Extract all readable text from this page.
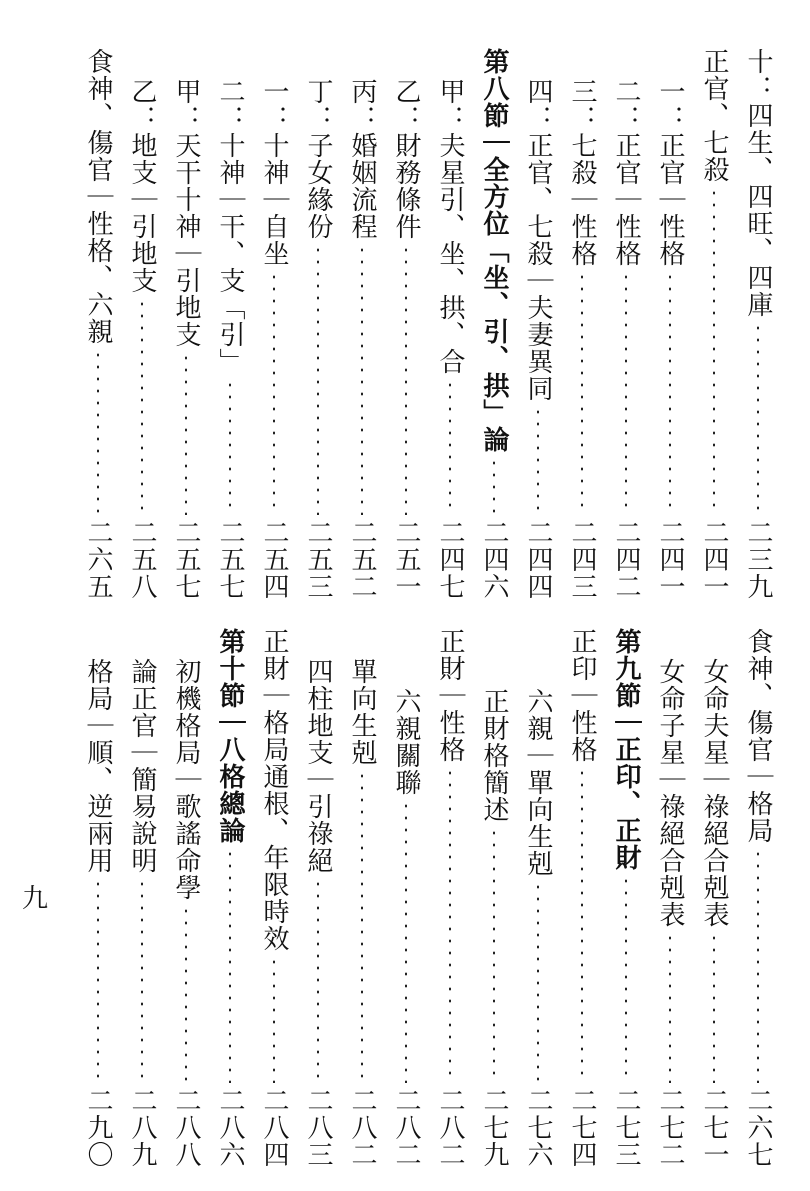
十：四生、四旺、四庫
二三九
正官、七殺
二四一
一：正官｜性格
二四一
二：正官｜性格
二四二
三：七殺｜性格
二四三
四：正官、七殺｜夫妻異同
二四四
第八節｜全方位「坐、引、拱」論
二四六
甲：夫星引、坐、拱、合
二四七
乙：財務條件
二五一
丙：婚姻流程
二五二
丁：子女緣份
二五三
一：十神｜自坐
二五四
二：十神｜干、支「引」
二五七
甲：天干十神｜引地支
二五七
乙：地支｜引地支
二五八
食神、傷官｜性格、六親
二六五
食神、傷官｜格局
二六七
女命夫星｜祿絕合剋表
二七一
女命子星｜祿絕合剋表
二七二
第九節｜正印、正財
二七三
正印｜性格
二七四
六親｜單向生剋
二七六
正財格簡述
二七九
正財｜性格
二八二
六親關聯
二八二
單向生剋
二八二
四柱地支｜引祿絕
二八三
正財｜格局通根、年限時效
二八四
第十節｜八格總論
二八六
初機格局｜歌謠命學
二八八
論正官｜簡易說明
二八九
格局｜順、逆兩用
二九〇
九
